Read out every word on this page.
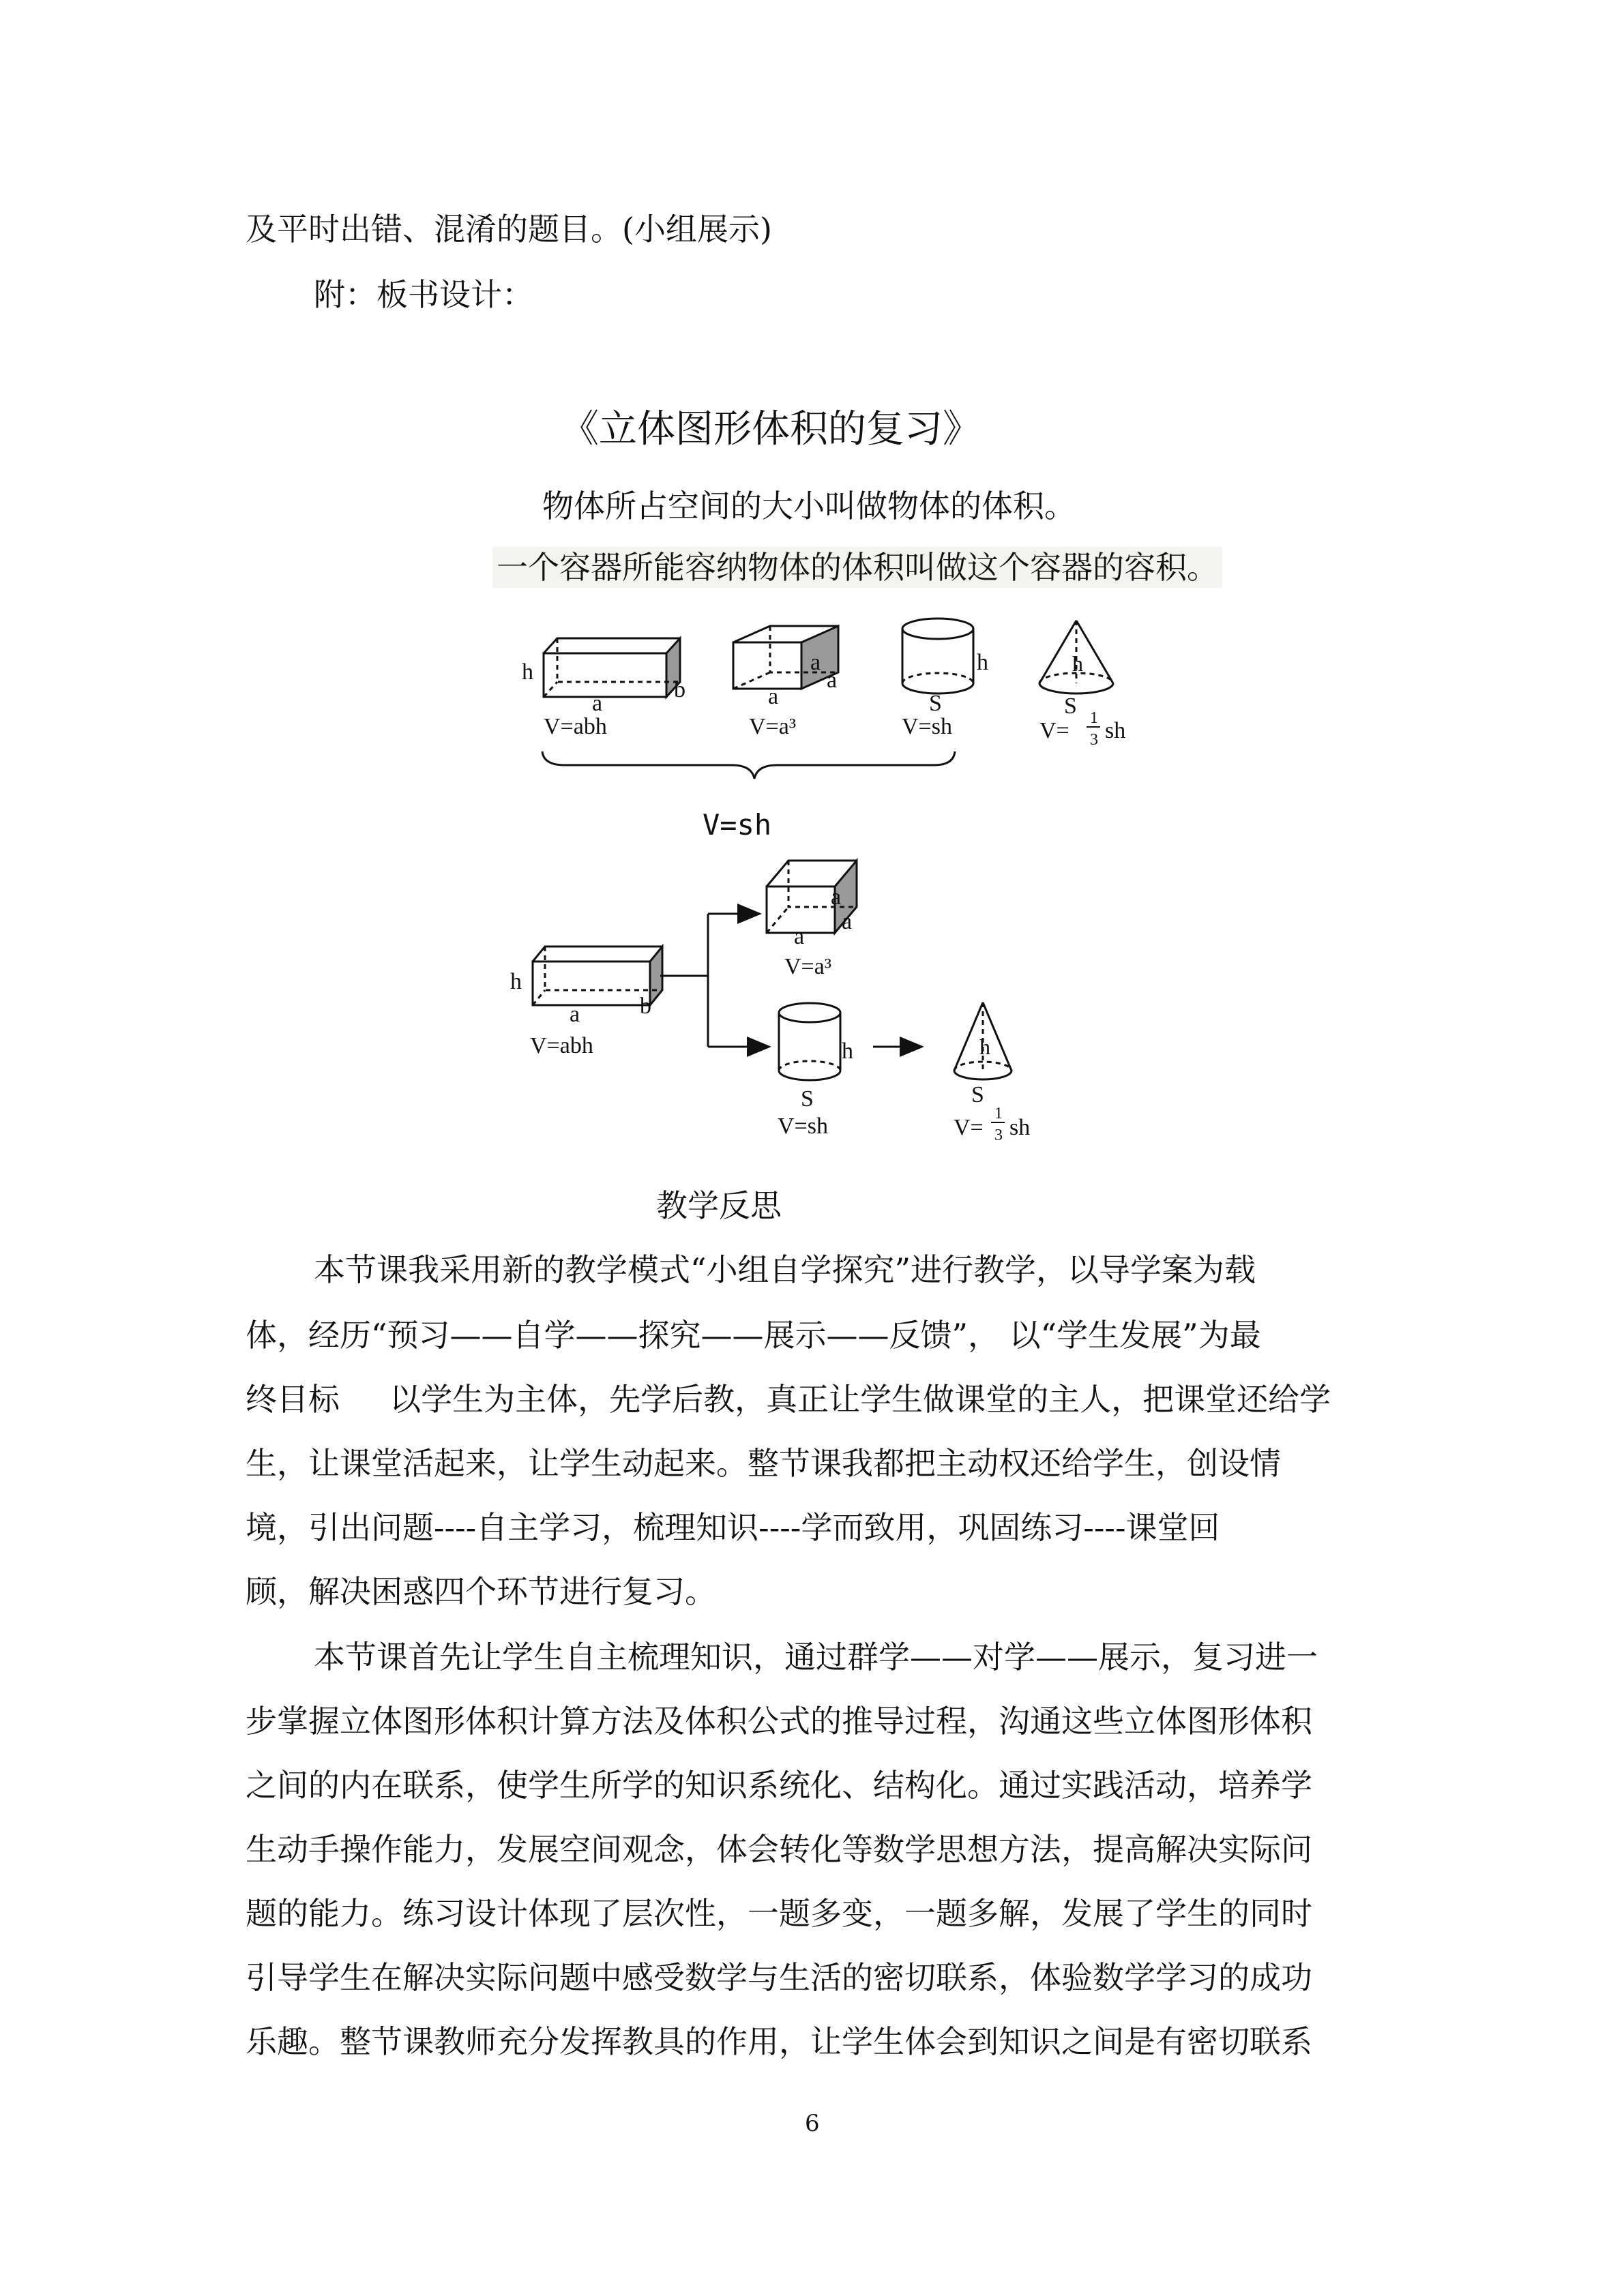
及平时出错、混淆的题目。(小组展示)
附：板书设计：
《立体图形体积的复习》
物体所占空间的大小叫做物体的体积。
一个容器所能容纳物体的体积叫做这个容器的容积。
V=sh
h
a
b
V=abh
a
a
a
V=a³
h
S
V=sh
h
S
V= 1
3 sh
h
a	b
V=abh
a
a
a
V=a³
h
S
V=sh
h
S
V=
1
3 sh
教学反思
本节课我采用新的教学模式“小组自学探究”进行教学，以导学案为载
体，经历“预习——自学——探究——展示——反馈”， 以“学生发展”为最
终目标     以学生为主体，先学后教，真正让学生做课堂的主人，把课堂还给学
生，让课堂活起来，让学生动起来。整节课我都把主动权还给学生，创设情
境，引出问题----自主学习，梳理知识----学而致用，巩固练习----课堂回
顾，解决困惑四个环节进行复习。
本节课首先让学生自主梳理知识，通过群学——对学——展示，复习进一
步掌握立体图形体积计算方法及体积公式的推导过程，沟通这些立体图形体积
之间的内在联系，使学生所学的知识系统化、结构化。通过实践活动，培养学
生动手操作能力，发展空间观念，体会转化等数学思想方法，提高解决实际问
题的能力。练习设计体现了层次性，一题多变，一题多解，发展了学生的同时
引导学生在解决实际问题中感受数学与生活的密切联系，体验数学学习的成功
乐趣。整节课教师充分发挥教具的作用，让学生体会到知识之间是有密切联系
6
